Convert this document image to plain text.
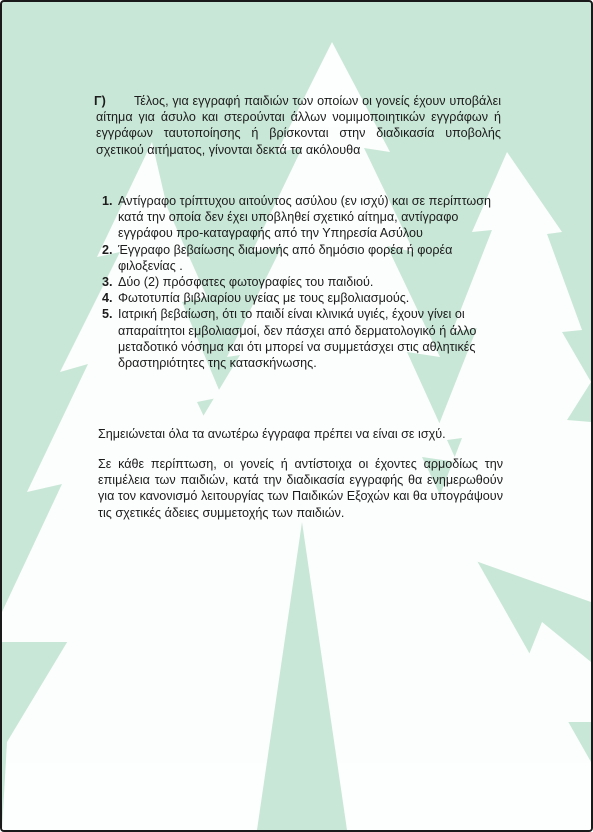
Γ)	Τέλος, για εγγραφή παιδιών των οποίων οι γονείς έχουν υποβάλει αίτημα για άσυλο και στερούνται άλλων νομιμοποιητικών εγγράφων ή εγγράφων ταυτοποίησης ή βρίσκονται στην διαδικασία υποβολής σχετικού αιτήματος, γίνονται δεκτά τα ακόλουθα
1. Αντίγραφο τρίπτυχου αιτούντος ασύλου (εν ισχύ) και σε περίπτωση κατά την οποία δεν έχει υποβληθεί σχετικό αίτημα, αντίγραφο εγγράφου προ-καταγραφής από την Υπηρεσία Ασύλου
2. Έγγραφο βεβαίωσης διαμονής από δημόσιο φορέα ή φορέα φιλοξενίας .
3. Δύο (2) πρόσφατες φωτογραφίες του παιδιού.
4. Φωτοτυπία βιβλιαρίου υγείας με τους εμβολιασμούς.
5. Ιατρική βεβαίωση, ότι το παιδί είναι κλινικά υγιές, έχουν γίνει οι απαραίτητοι εμβολιασμοί, δεν πάσχει από δερματολογικό ή άλλο μεταδοτικό νόσημα και ότι μπορεί να συμμετάσχει στις αθλητικές δραστηριότητες της κατασκήνωσης.
Σημειώνεται όλα τα ανωτέρω έγγραφα πρέπει να είναι σε ισχύ.
Σε κάθε περίπτωση, οι γονείς ή αντίστοιχα οι έχοντες αρμοδίως την επιμέλεια των παιδιών, κατά την διαδικασία εγγραφής θα ενημερωθούν για τον κανονισμό λειτουργίας των Παιδικών Εξοχών και θα υπογράψουν τις σχετικές άδειες συμμετοχής των παιδιών.
